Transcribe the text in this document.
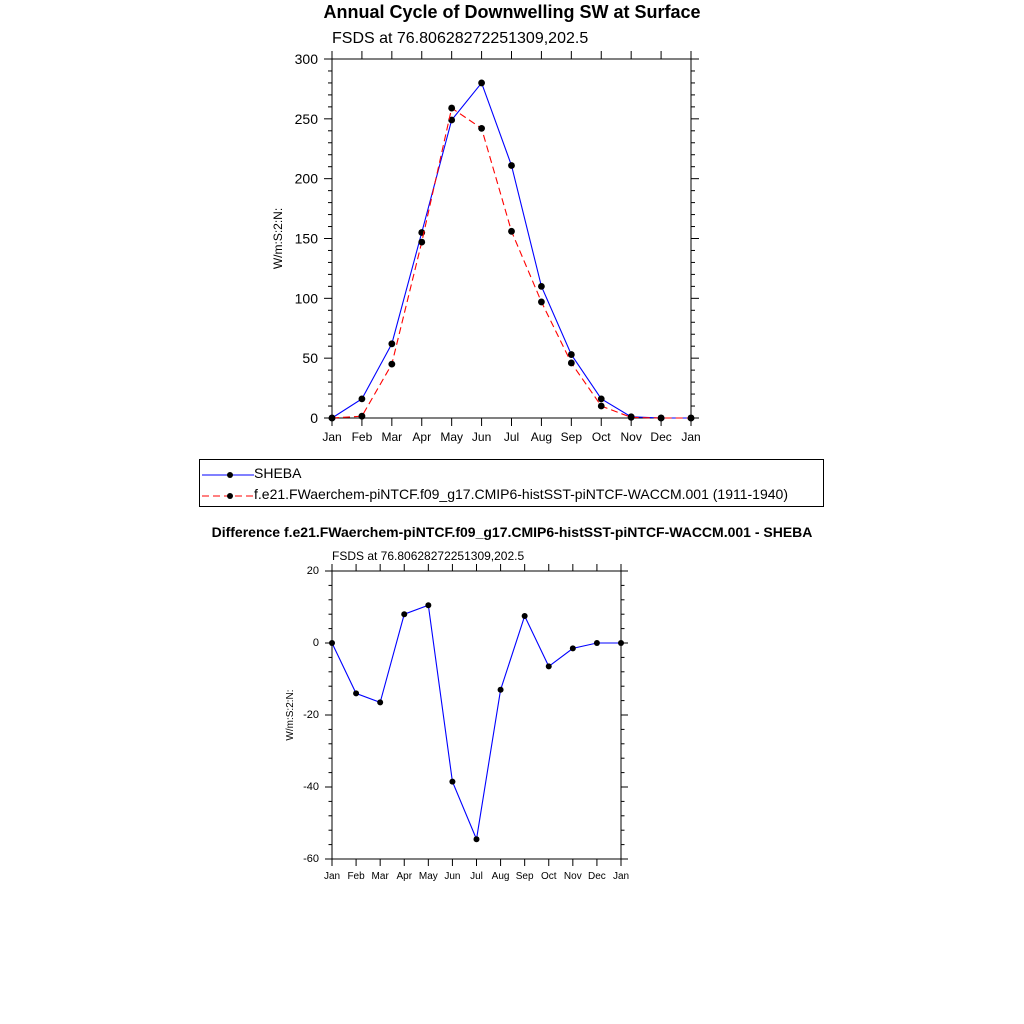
Annual Cycle of Downwelling SW at Surface
FSDS at 76.80628272251309,202.5
Difference f.e21.FWaerchem-piNTCF.f09_g17.CMIP6-histSST-piNTCF-WACCM.001 - SHEBA
FSDS at 76.80628272251309,202.5
0
50
100
150
200
250
300
Jan Feb Mar Apr May Jun Jul Aug Sep Oct Nov Dec Jan
W/m:S:2:N:
-60
-40
-20
0
20
Jan Feb Mar Apr May Jun Jul Aug Sep Oct Nov Dec Jan
W/m:S:2:N:
SHEBA
f.e21.FWaerchem-piNTCF.f09_g17.CMIP6-histSST-piNTCF-WACCM.001 (1911-1940)
